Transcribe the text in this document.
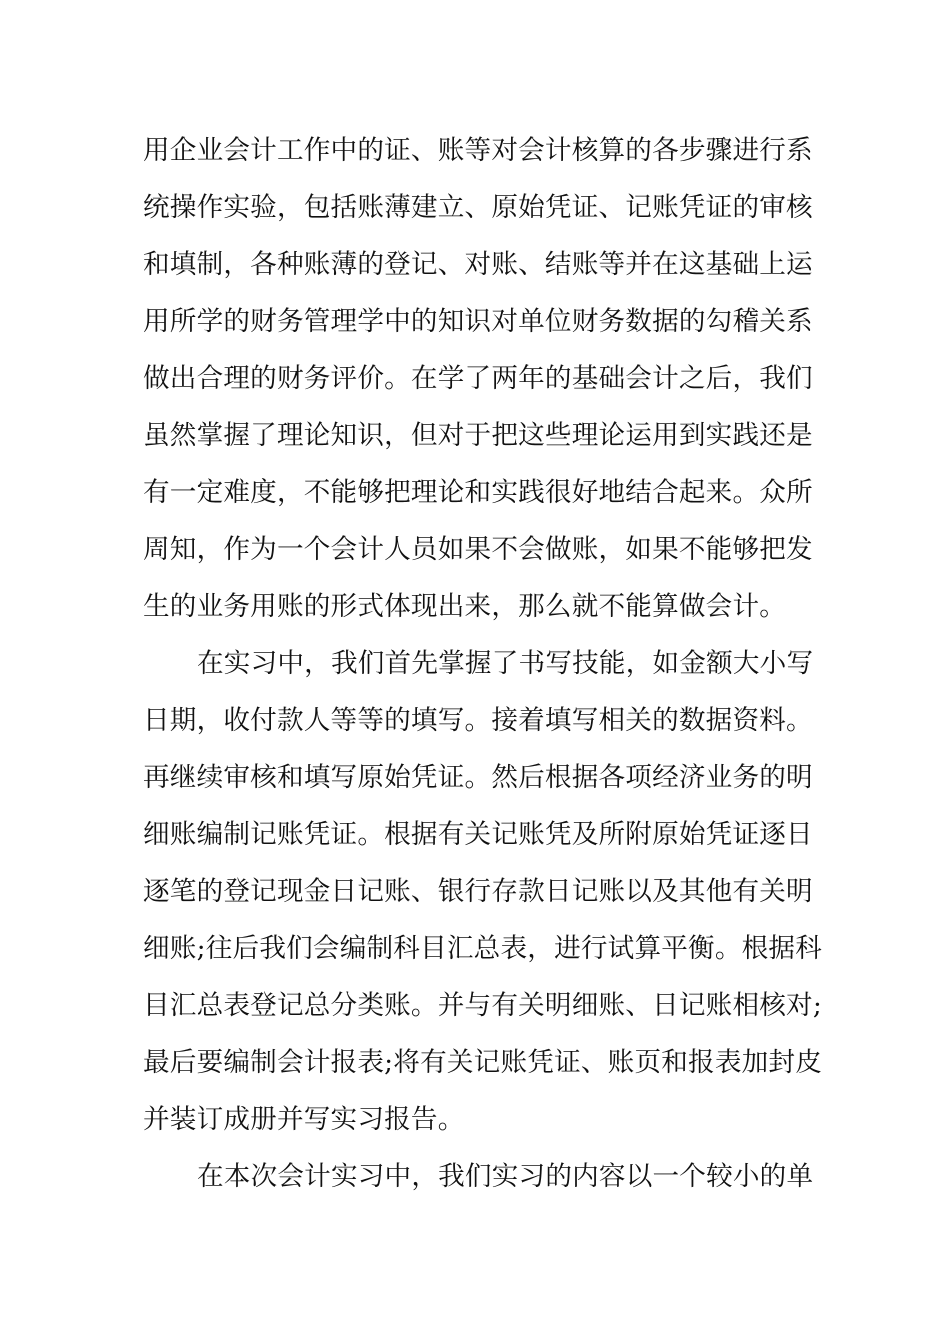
用企业会计工作中的证、账等对会计核算的各步骤进行系
统操作实验，包括账薄建立、原始凭证、记账凭证的审核
和填制，各种账薄的登记、对账、结账等并在这基础上运
用所学的财务管理学中的知识对单位财务数据的勾稽关系
做出合理的财务评价。在学了两年的基础会计之后，我们
虽然掌握了理论知识，但对于把这些理论运用到实践还是
有一定难度，不能够把理论和实践很好地结合起来。众所
周知，作为一个会计人员如果不会做账，如果不能够把发
生的业务用账的形式体现出来，那么就不能算做会计。
在实习中，我们首先掌握了书写技能，如金额大小写
日期，收付款人等等的填写。接着填写相关的数据资料。
再继续审核和填写原始凭证。然后根据各项经济业务的明
细账编制记账凭证。根据有关记账凭及所附原始凭证逐日
逐笔的登记现金日记账、银行存款日记账以及其他有关明
细账;往后我们会编制科目汇总表，进行试算平衡。根据科
目汇总表登记总分类账。并与有关明细账、日记账相核对;
最后要编制会计报表;将有关记账凭证、账页和报表加封皮
并装订成册并写实习报告。
在本次会计实习中，我们实习的内容以一个较小的单
